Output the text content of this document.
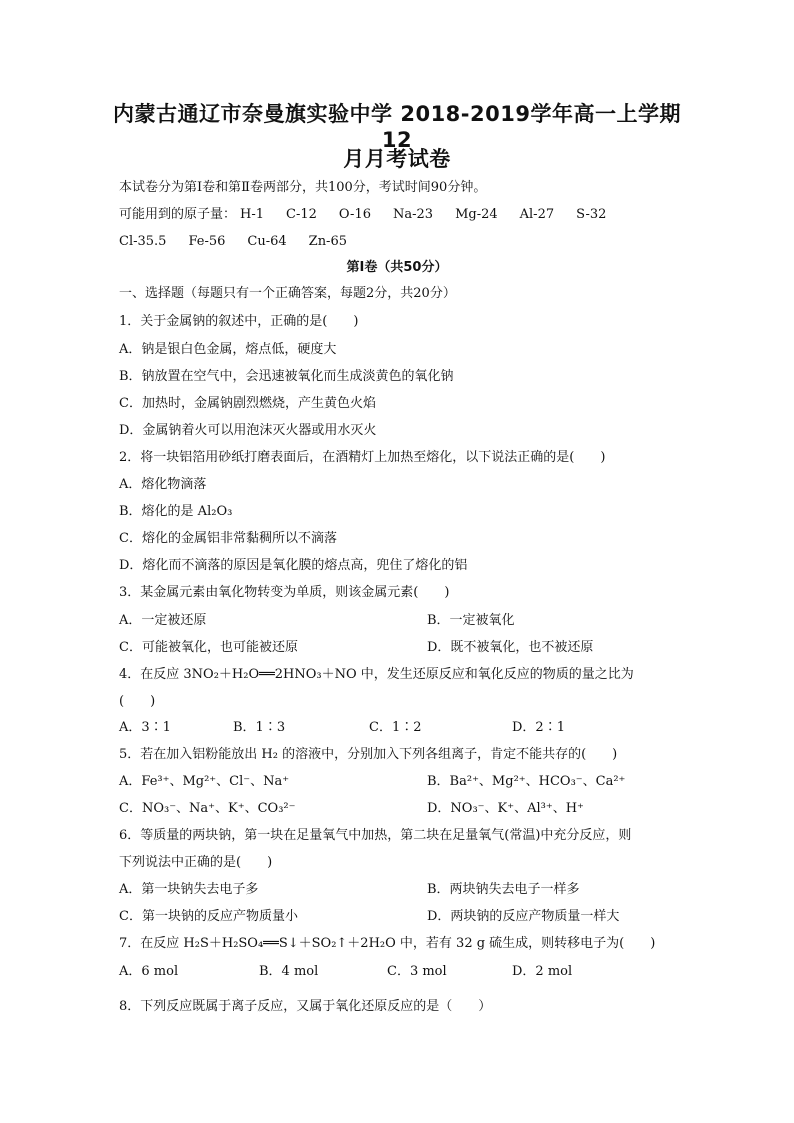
内蒙古通辽市奈曼旗实验中学 2018-2019学年高一上学期12
月月考试卷
本试卷分为第Ⅰ卷和第Ⅱ卷两部分，共100分，考试时间90分钟。
可能用到的原子量： H-1 C-12 O-16 Na-23 Mg-24 Al-27 S-32
Cl-35.5 Fe-56 Cu-64 Zn-65
第Ⅰ卷（共50分）
一、选择题（每题只有一个正确答案，每题2分，共20分）
1．关于金属钠的叙述中，正确的是(　　)
A．钠是银白色金属，熔点低，硬度大
B．钠放置在空气中，会迅速被氧化而生成淡黄色的氧化钠
C．加热时，金属钠剧烈燃烧，产生黄色火焰
D．金属钠着火可以用泡沫灭火器或用水灭火
2．将一块铝箔用砂纸打磨表面后，在酒精灯上加热至熔化，以下说法正确的是(　　)
A．熔化物滴落
B．熔化的是 Al₂O₃
C．熔化的金属铝非常黏稠所以不滴落
D．熔化而不滴落的原因是氧化膜的熔点高，兜住了熔化的铝
3．某金属元素由氧化物转变为单质，则该金属元素(　　)
A．一定被还原	B．一定被氧化
C．可能被氧化，也可能被还原	D．既不被氧化，也不被还原
4．在反应 3NO₂＋H₂O══2HNO₃＋NO 中，发生还原反应和氧化反应的物质的量之比为
(　　)
A．3∶1	B．1∶3	C．1∶2	D．2∶1
5．若在加入铝粉能放出 H₂ 的溶液中，分别加入下列各组离子，肯定不能共存的(　　)
A．Fe³⁺、Mg²⁺、Cl⁻、Na⁺	B．Ba²⁺、Mg²⁺、HCO₃⁻、Ca²⁺
C．NO₃⁻、Na⁺、K⁺、CO₃²⁻	D．NO₃⁻、K⁺、Al³⁺、H⁺
6．等质量的两块钠，第一块在足量氧气中加热，第二块在足量氧气(常温)中充分反应，则
下列说法中正确的是(　　)
A．第一块钠失去电子多	B．两块钠失去电子一样多
C．第一块钠的反应产物质量小	D．两块钠的反应产物质量一样大
7．在反应 H₂S＋H₂SO₄══S↓＋SO₂↑＋2H₂O 中，若有 32 g 硫生成，则转移电子为(　　)
A．6 mol	B．4 mol	C．3 mol	D．2 mol
8．下列反应既属于离子反应，又属于氧化还原反应的是（　　）
